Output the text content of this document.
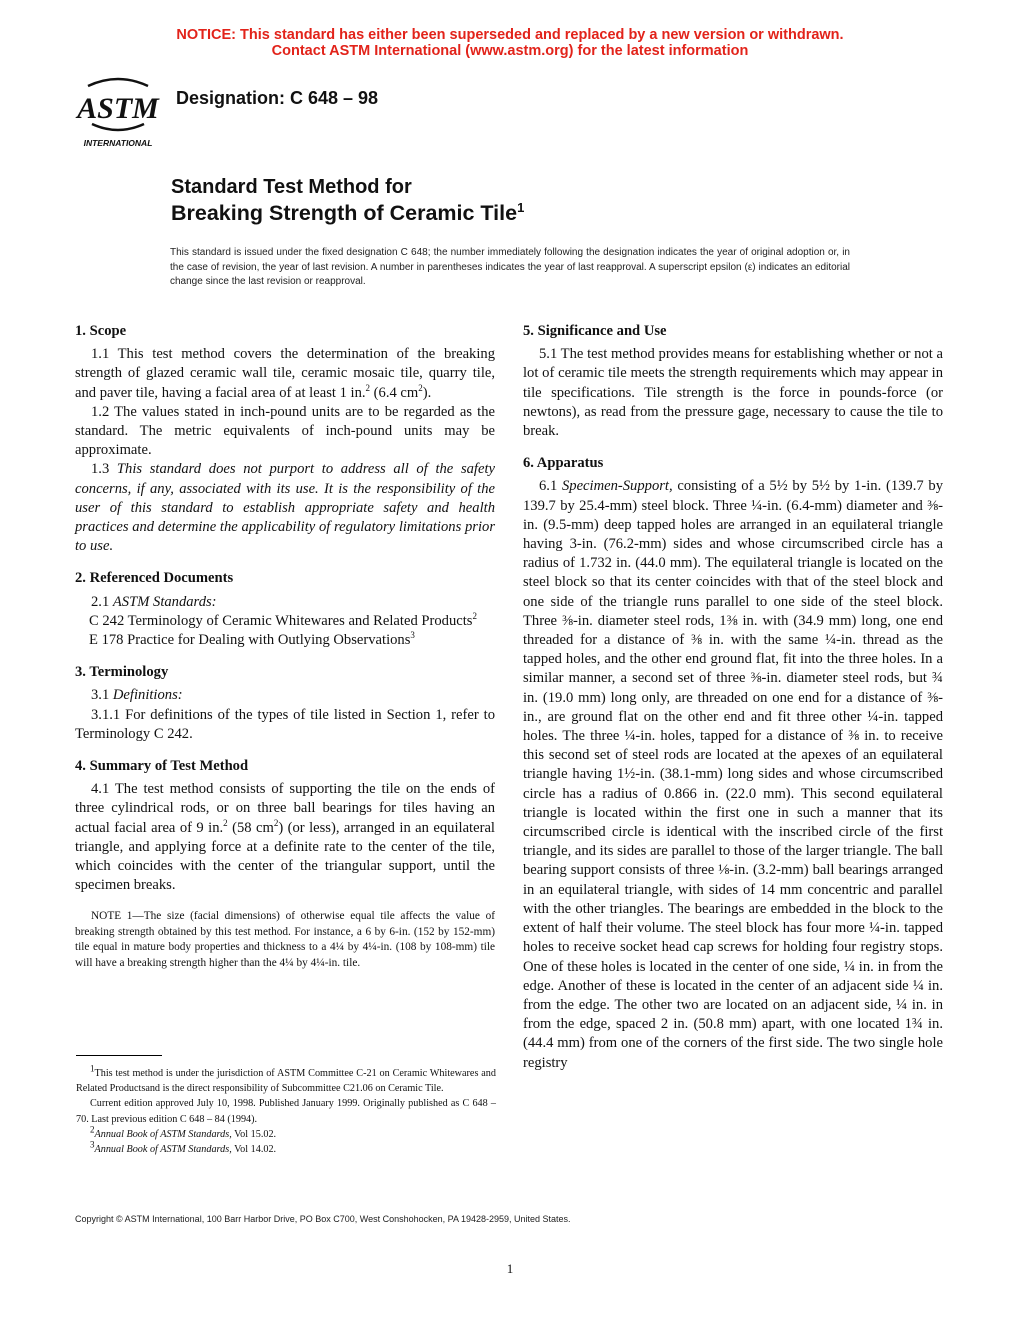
NOTICE: This standard has either been superseded and replaced by a new version or withdrawn.
Contact ASTM International (www.astm.org) for the latest information
ASTM
INTERNATIONAL
Designation: C 648 – 98
Standard Test Method for
Breaking Strength of Ceramic Tile$^1$
This standard is issued under the fixed designation C 648; the number immediately following the designation indicates the year of original adoption or, in the case of revision, the year of last revision. A number in parentheses indicates the year of last reapproval. A superscript epsilon (ε) indicates an editorial change since the last revision or reapproval.
1. Scope

1.1 This test method covers the determination of the breaking strength of glazed ceramic wall tile, ceramic mosaic tile, quarry tile, and paver tile, having a facial area of at least 1 in.$^2$ (6.4 $cm^2$).

1.2 The values stated in inch-pound units are to be regarded as the standard. The metric equivalents of inch-pound units may be approximate.

1.3 This standard does not purport to address all of the safety concerns, if any, associated with its use. It is the responsibility of the user of this standard to establish appropriate safety and health practices and determine the applicability of regulatory limitations prior to use.

2. Referenced Documents

2.1 ASTM Standards:

C 242 Terminology of Ceramic Whitewares and Related Products$^2$

E 178 Practice for Dealing with Outlying Observations$^3$

3. Terminology

3.1 Definitions:

3.1.1 For definitions of the types of tile listed in Section 1, refer to Terminology C 242.

4. Summary of Test Method

4.1 The test method consists of supporting the tile on the ends of three cylindrical rods, or on three ball bearings for tiles having an actual facial area of 9 in.$^2$ (58 $cm^2$) (or less), arranged in an equilateral triangle, and applying force at a definite rate to the center of the tile, which coincides with the center of the triangular support, until the specimen breaks.

NOTE 1—The size (facial dimensions) of otherwise equal tile affects the value of breaking strength obtained by this test method. For instance, a 6 by 6-in. (152 by 152-mm) tile equal in mature body properties and thickness to a 4¼ by 4¼-in. (108 by 108-mm) tile will have a breaking strength higher than the 4¼ by 4¼-in. tile.

5. Significance and Use

5.1 The test method provides means for establishing whether or not a lot of ceramic tile meets the strength requirements which may appear in tile specifications. Tile strength is the force in pounds-force (or newtons), as read from the pressure gage, necessary to cause the tile to break.

6. Apparatus

6.1 Specimen-Support, consisting of a 5½ by 5½ by 1-in. (139.7 by 139.7 by 25.4-mm) steel block. Three ¼-in. (6.4-mm) diameter and ⅜-in. (9.5-mm) deep tapped holes are arranged in an equilateral triangle having 3-in. (76.2-mm) sides and whose circumscribed circle has a radius of 1.732 in. (44.0 mm). The equilateral triangle is located on the steel block so that its center coincides with that of the steel block and one side of the triangle runs parallel to one side of the steel block. Three ⅜-in. diameter steel rods, 1⅜ in. with (34.9 mm) long, one end threaded for a distance of ⅜ in. with the same ¼-in. thread as the tapped holes, and the other end ground flat, fit into the three holes. In a similar manner, a second set of three ⅜-in. diameter steel rods, but ¾ in. (19.0 mm) long only, are threaded on one end for a distance of ⅜-in., are ground flat on the other end and fit three other ¼-in. tapped holes. The three ¼-in. holes, tapped for a distance of ⅜ in. to receive this second set of steel rods are located at the apexes of an equilateral triangle having 1½-in. (38.1-mm) long sides and whose circumscribed circle has a radius of 0.866 in. (22.0 mm). This second equilateral triangle is located within the first one in such a manner that its circumscribed circle is identical with the inscribed circle of the first triangle, and its sides are parallel to those of the larger triangle. The ball bearing support consists of three ⅛-in. (3.2-mm) ball bearings arranged in an equilateral triangle, with sides of 14 mm concentric and parallel with the other triangles. The bearings are embedded in the block to the extent of half their volume. The steel block has four more ¼-in. tapped holes to receive socket head cap screws for holding four registry stops. One of these holes is located in the center of one side, ¼ in. in from the edge. Another of these is located in the center of an adjacent side ¼ in. from the edge. The other two are located on an adjacent side, ¼ in. in from the edge, spaced 2 in. (50.8 mm) apart, with one located 1¾ in. (44.4 mm) from one of the corners of the first side. The two single hole registry

$^1$This test method is under the jurisdiction of ASTM Committee C-21 on Ceramic Whitewares and Related Productsand is the direct responsibility of Subcommittee C21.06 on Ceramic Tile.

Current edition approved July 10, 1998. Published January 1999. Originally published as C 648 – 70. Last previous edition C 648 – 84 (1994).

$^2$Annual Book of ASTM Standards, Vol 15.02.

$^3$Annual Book of ASTM Standards, Vol 14.02.

Copyright © ASTM International, 100 Barr Harbor Drive, PO Box C700, West Conshohocken, PA 19428-2959, United States.
1
